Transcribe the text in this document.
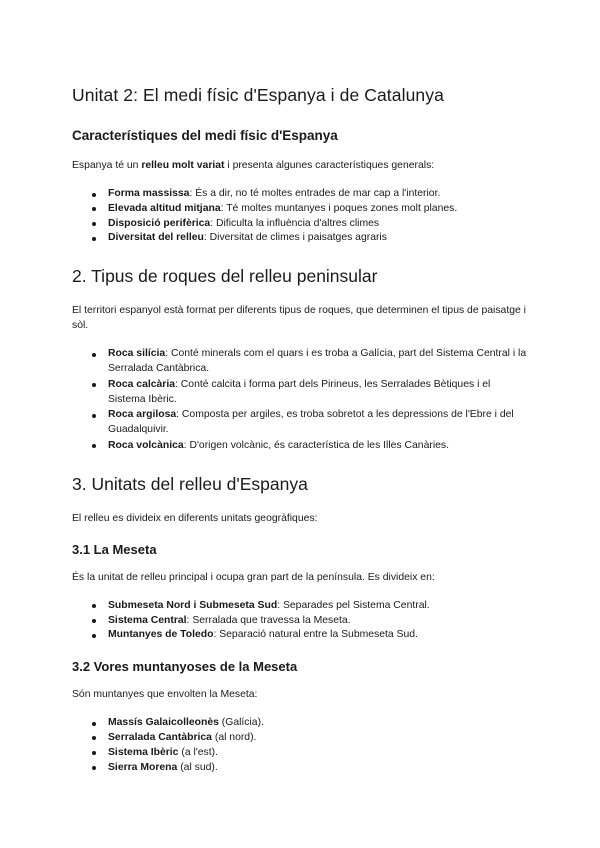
Unitat 2: El medi físic d'Espanya i de Catalunya
Característiques del medi físic d'Espanya

Espanya té un relleu molt variat i presenta algunes característiques generals:

Forma massissa: És a dir, no té moltes entrades de mar cap a l'interior.
Elevada altitud mitjana: Té moltes muntanyes i poques zones molt planes.
Disposició perifèrica: Dificulta la influència d'altres climes
Diversitat del relleu: Diversitat de climes i paisatges agraris
2. Tipus de roques del relleu peninsular

El territori espanyol està format per diferents tipus de roques, que determinen el tipus de paisatge i sòl.

Roca silícia: Conté minerals com el quars i es troba a Galícia, part del Sistema Central i la Serralada Cantàbrica.
Roca calcària: Conté calcita i forma part dels Pirineus, les Serralades Bètiques i el Sistema Ibèric.
Roca argilosa: Composta per argiles, es troba sobretot a les depressions de l'Ebre i del Guadalquivir.
Roca volcànica: D'origen volcànic, és característica de les Illes Canàries.
3. Unitats del relleu d'Espanya

El relleu es divideix en diferents unitats geogràfiques:

3.1 La Meseta

És la unitat de relleu principal i ocupa gran part de la península. Es divideix en:

Submeseta Nord i Submeseta Sud: Separades pel Sistema Central.
Sistema Central: Serralada que travessa la Meseta.
Muntanyes de Toledo: Separació natural entre la Submeseta Sud.
3.2 Vores muntanyoses de la Meseta

Són muntanyes que envolten la Meseta:

Massís Galaicolleonès (Galícia).
Serralada Cantàbrica (al nord).
Sistema Ibèric (a l'est).
Sierra Morena (al sud).
